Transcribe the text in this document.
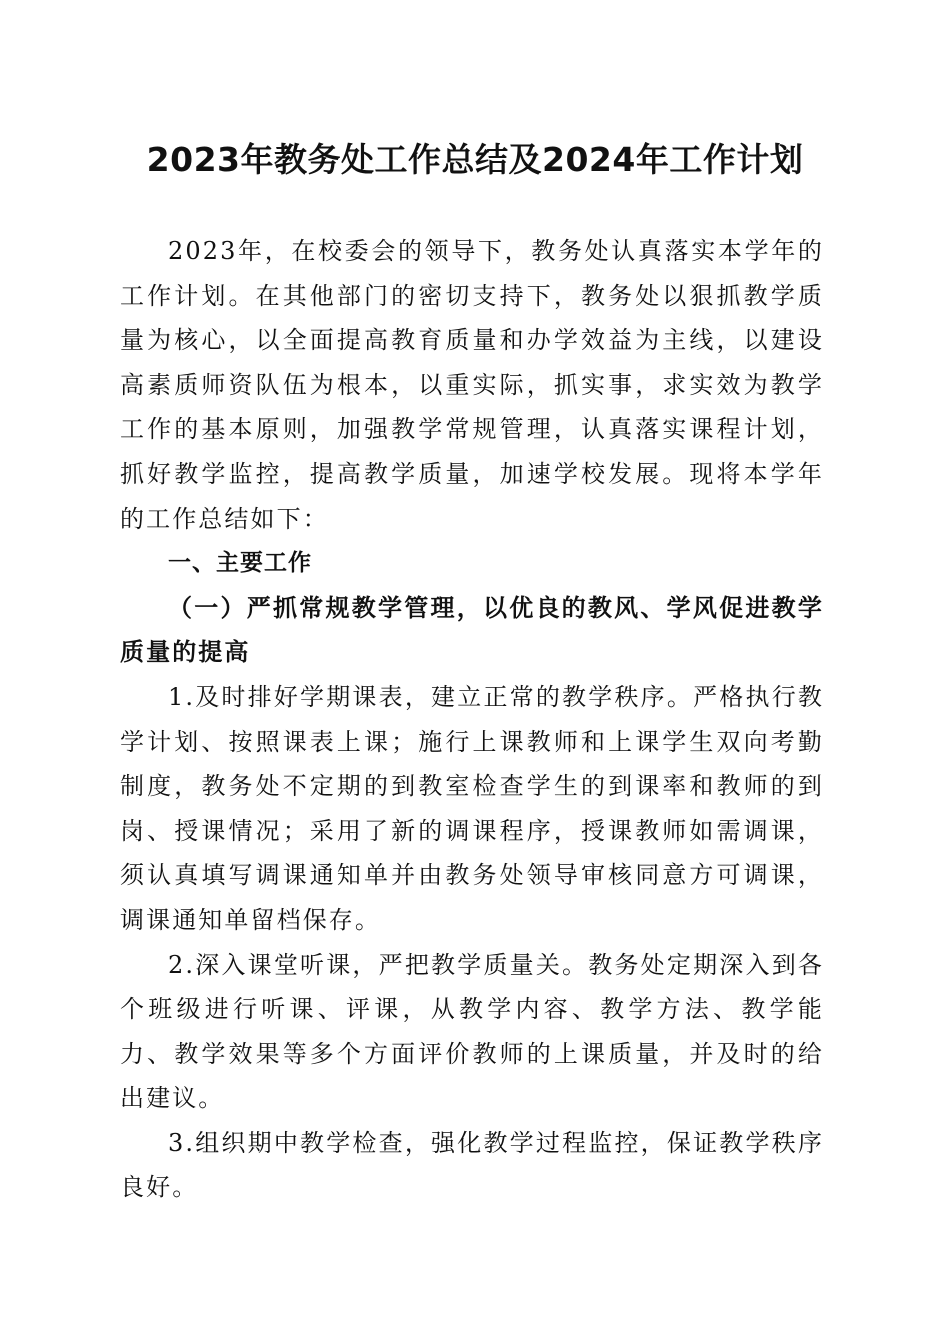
2023年教务处工作总结及2024年工作计划

2023年，在校委会的领导下，教务处认真落实本学年的工作计划。在其他部门的密切支持下，教务处以狠抓教学质量为核心，以全面提高教育质量和办学效益为主线，以建设高素质师资队伍为根本，以重实际，抓实事，求实效为教学工作的基本原则，加强教学常规管理，认真落实课程计划，抓好教学监控，提高教学质量，加速学校发展。现将本学年的工作总结如下：

一、主要工作

（一）严抓常规教学管理，以优良的教风、学风促进教学质量的提高

1.及时排好学期课表，建立正常的教学秩序。严格执行教学计划、按照课表上课；施行上课教师和上课学生双向考勤制度，教务处不定期的到教室检查学生的到课率和教师的到岗、授课情况；采用了新的调课程序，授课教师如需调课，须认真填写调课通知单并由教务处领导审核同意方可调课，调课通知单留档保存。

2.深入课堂听课，严把教学质量关。教务处定期深入到各个班级进行听课、评课，从教学内容、教学方法、教学能力、教学效果等多个方面评价教师的上课质量，并及时的给出建议。

3.组织期中教学检查，强化教学过程监控，保证教学秩序良好。
